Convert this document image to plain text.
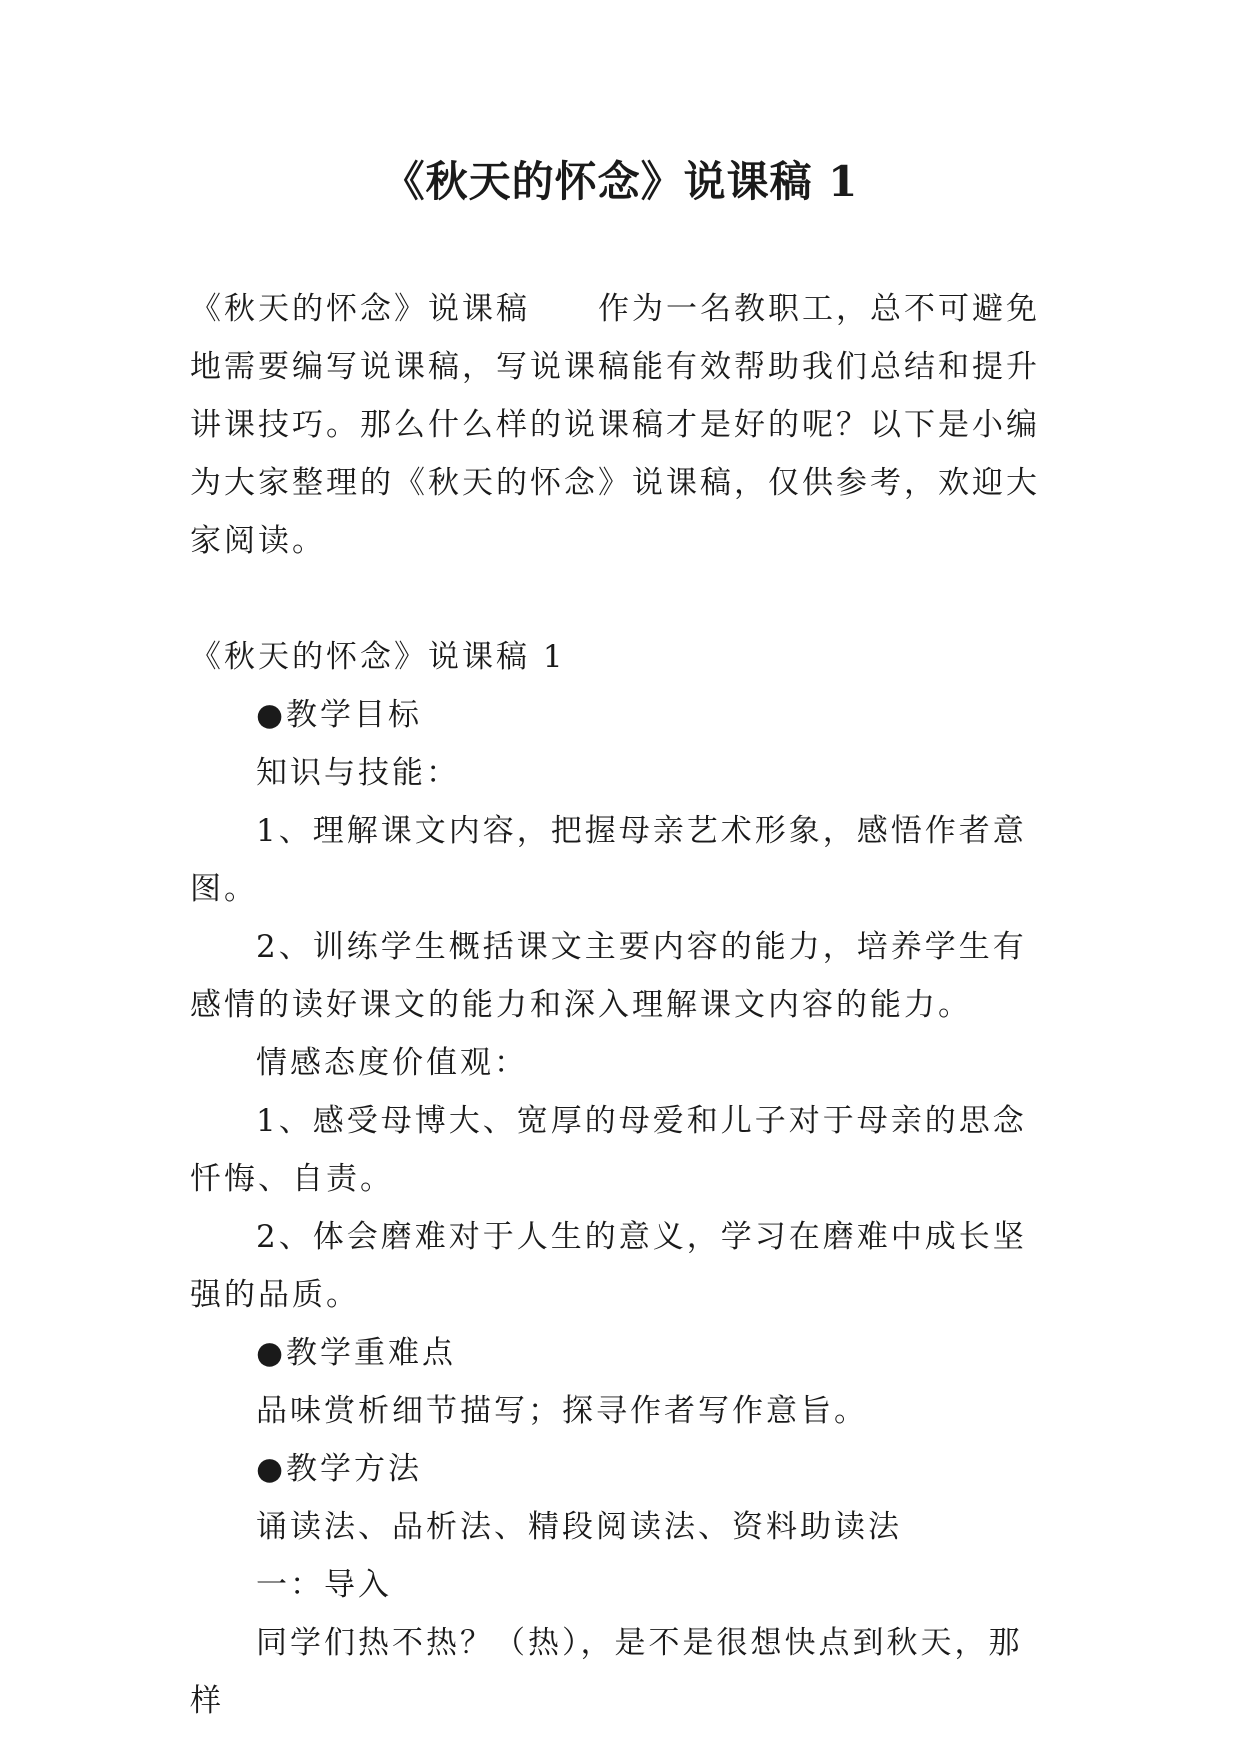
《秋天的怀念》说课稿 1

《秋天的怀念》说课稿　　作为一名教职工，总不可避免地需要编写说课稿，写说课稿能有效帮助我们总结和提升讲课技巧。那么什么样的说课稿才是好的呢？以下是小编为大家整理的《秋天的怀念》说课稿，仅供参考，欢迎大家阅读。

《秋天的怀念》说课稿 1

●教学目标

知识与技能：

1、理解课文内容，把握母亲艺术形象，感悟作者意图。

2、训练学生概括课文主要内容的能力，培养学生有感情的读好课文的能力和深入理解课文内容的能力。

情感态度价值观：

1、感受母博大、宽厚的母爱和儿子对于母亲的思念忏悔、自责。

2、体会磨难对于人生的意义，学习在磨难中成长坚强的品质。

●教学重难点

品味赏析细节描写；探寻作者写作意旨。

●教学方法

诵读法、品析法、精段阅读法、资料助读法

一：导入

同学们热不热？（热），是不是很想快点到秋天，那样
